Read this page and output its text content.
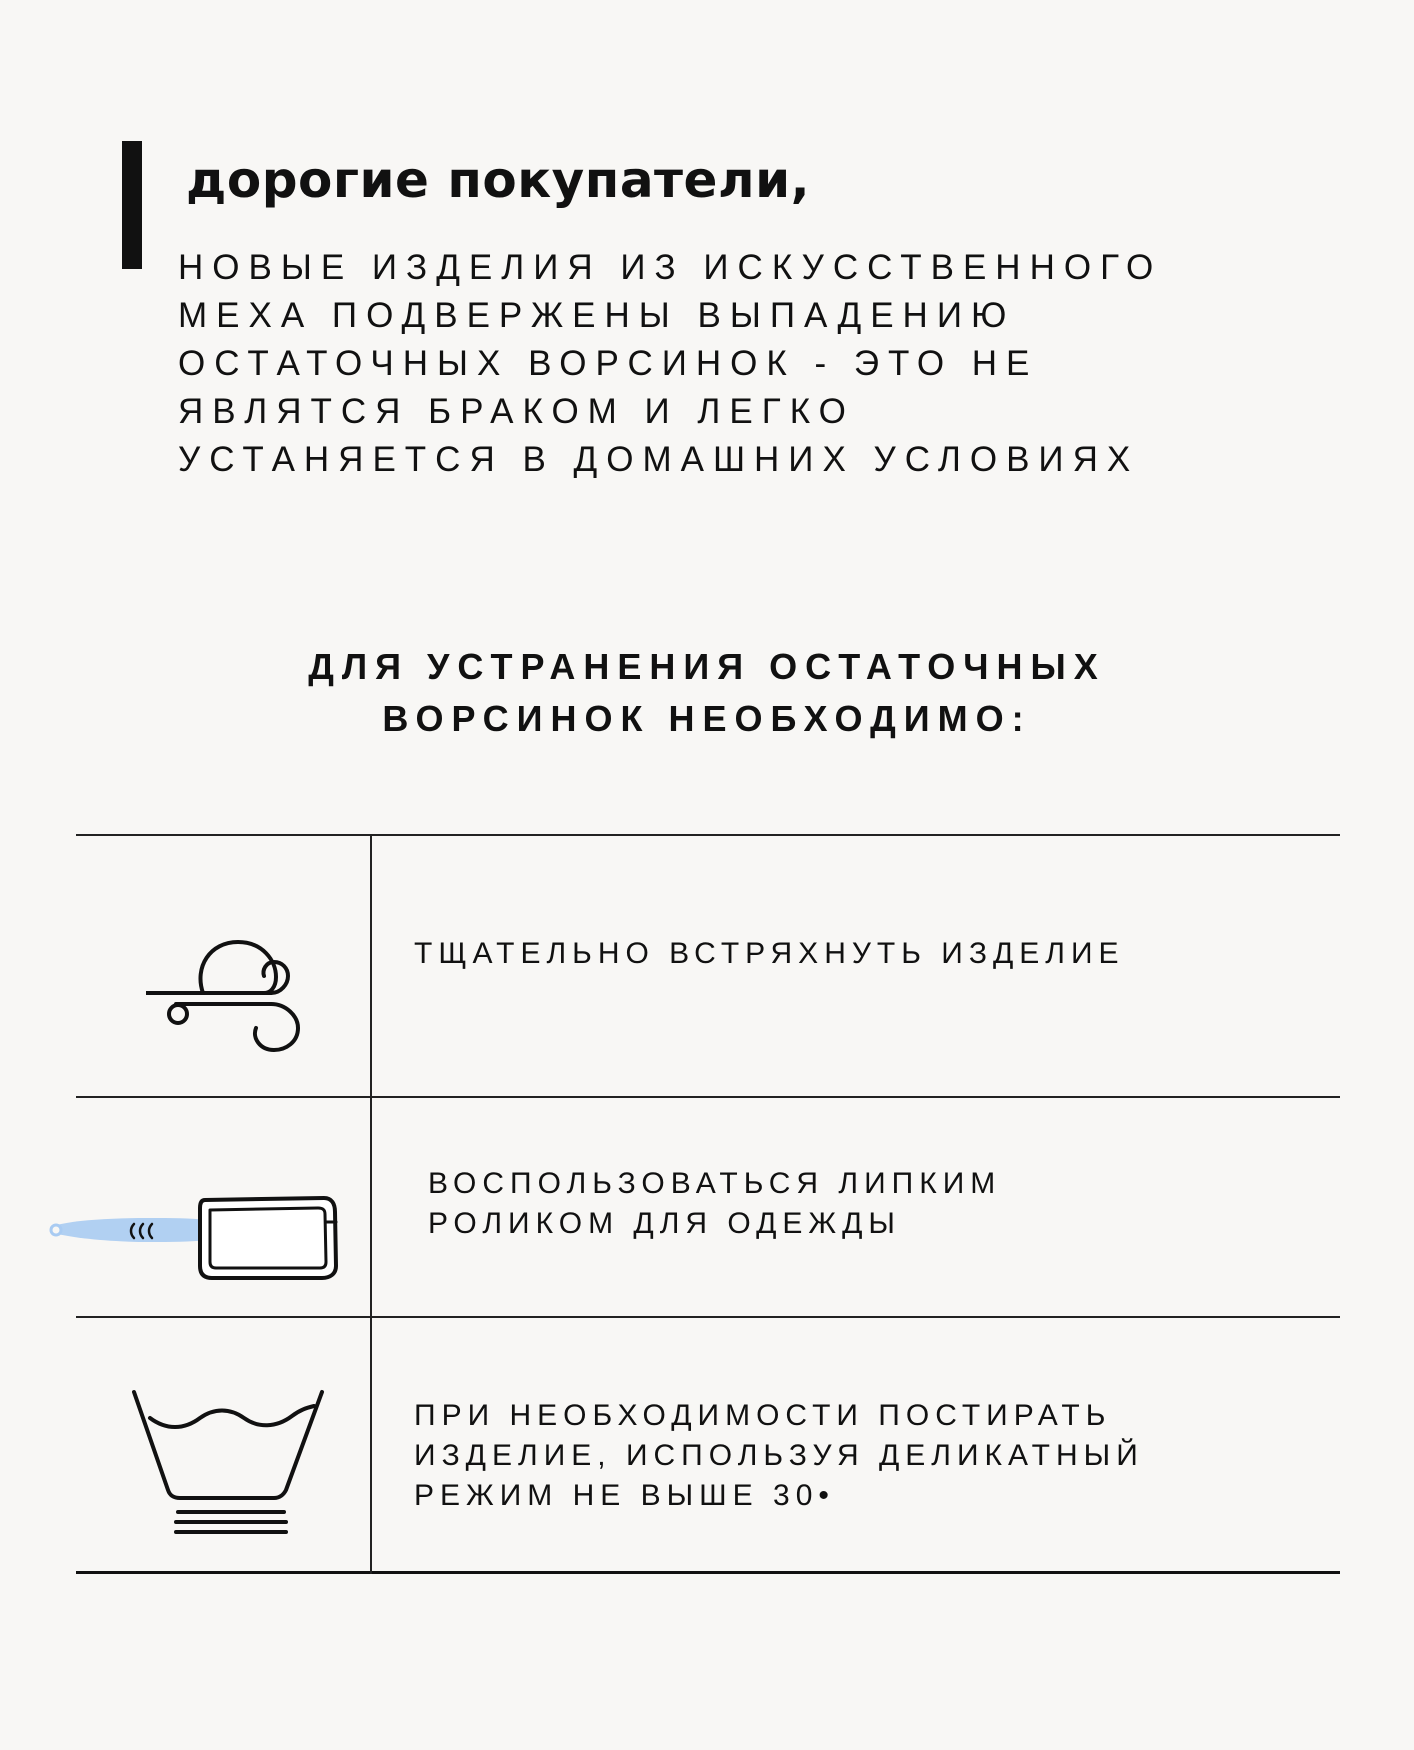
дорогие покупатели,

НОВЫЕ ИЗДЕЛИЯ ИЗ ИСКУССТВЕННОГО
МЕХА ПОДВЕРЖЕНЫ ВЫПАДЕНИЮ
ОСТАТОЧНЫХ ВОРСИНОК - ЭТО НЕ
ЯВЛЯТСЯ БРАКОМ И ЛЕГКО
УСТАНЯЕТСЯ В ДОМАШНИХ УСЛОВИЯХ

ДЛЯ УСТРАНЕНИЯ ОСТАТОЧНЫХ
ВОРСИНОК НЕОБХОДИМО:

ТЩАТЕЛЬНО ВСТРЯХНУТЬ ИЗДЕЛИЕ

ВОСПОЛЬЗОВАТЬСЯ ЛИПКИМ
РОЛИКОМ ДЛЯ ОДЕЖДЫ

ПРИ НЕОБХОДИМОСТИ ПОСТИРАТЬ
ИЗДЕЛИЕ, ИСПОЛЬЗУЯ ДЕЛИКАТНЫЙ
РЕЖИМ НЕ ВЫШЕ 30•
